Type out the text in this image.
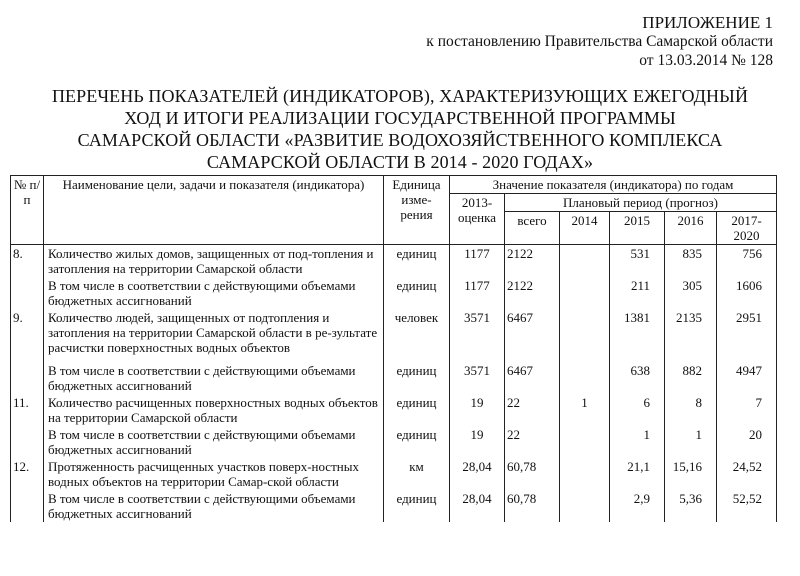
ПРИЛОЖЕНИЕ 1
к постановлению Правительства Самарской области
от 13.03.2014 № 128
ПЕРЕЧЕНЬ ПОКАЗАТЕЛЕЙ (ИНДИКАТОРОВ), ХАРАКТЕРИЗУЮЩИХ ЕЖЕГОДНЫЙ
ХОД И ИТОГИ РЕАЛИЗАЦИИ ГОСУДАРСТВЕННОЙ ПРОГРАММЫ
САМАРСКОЙ ОБЛАСТИ «РАЗВИТИЕ ВОДОХОЗЯЙСТВЕННОГО КОМПЛЕКСА
САМАРСКОЙ ОБЛАСТИ В 2014 - 2020 ГОДАХ»
№ п/п	Наименование цели, задачи и показателя (индикатора)	Единица изме-рения	Значение показателя (индикатора) по годам					
			2013-оценка	Плановый период (прогноз)				
				всего	2014	2015	2016	2017-2020
8.	Количество жилых домов, защищенных от под-топления и затопления на территории Самарской области	единиц	1177	2122		531	835	756
	В том числе в соответствии с действующими объемами бюджетных ассигнований	единиц	1177	2122		211	305	1606
9.	Количество людей, защищенных от подтопления и затопления на территории Самарской области в ре-зультате расчистки поверхностных водных объектов	человек	3571	6467		1381	2135	2951
	В том числе в соответствии с действующими объемами бюджетных ассигнований	единиц	3571	6467		638	882	4947
11.	Количество расчищенных поверхностных водных объектов на территории Самарской области	единиц	19	22	1	6	8	7
	В том числе в соответствии с действующими объемами бюджетных ассигнований	единиц	19	22		1	1	20
12.	Протяженность расчищенных участков поверх-ностных водных объектов на территории Самар-ской области	км	28,04	60,78		21,1	15,16	24,52
	В том числе в соответствии с действующими объемами бюджетных ассигнований	единиц	28,04	60,78		2,9	5,36	52,52
